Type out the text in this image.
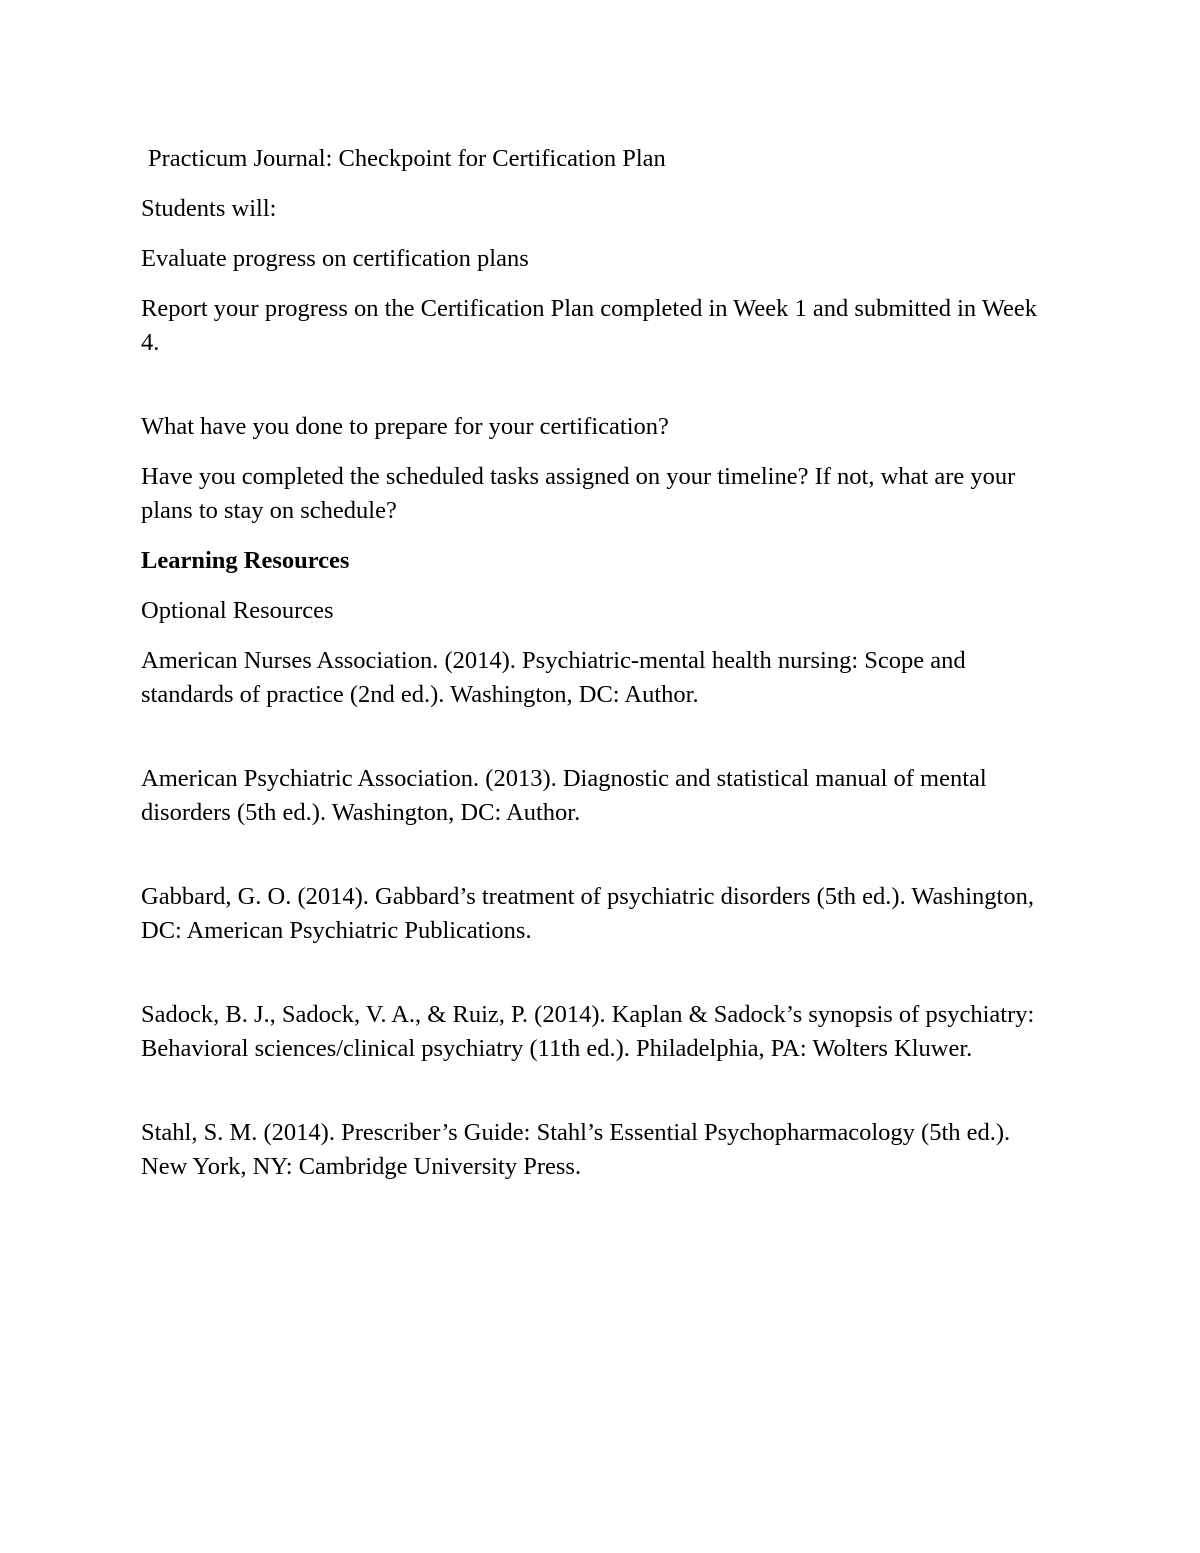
Practicum Journal: Checkpoint for Certification Plan

Students will:

Evaluate progress on certification plans

Report your progress on the Certification Plan completed in Week 1 and submitted in Week 4.

What have you done to prepare for your certification?

Have you completed the scheduled tasks assigned on your timeline? If not, what are your plans to stay on schedule?

Learning Resources

Optional Resources

American Nurses Association. (2014). Psychiatric-mental health nursing: Scope and standards of practice (2nd ed.). Washington, DC: Author.

American Psychiatric Association. (2013). Diagnostic and statistical manual of mental disorders (5th ed.). Washington, DC: Author.

Gabbard, G. O. (2014). Gabbard’s treatment of psychiatric disorders (5th ed.). Washington, DC: American Psychiatric Publications.

Sadock, B. J., Sadock, V. A., & Ruiz, P. (2014). Kaplan & Sadock’s synopsis of psychiatry: Behavioral sciences/clinical psychiatry (11th ed.). Philadelphia, PA: Wolters Kluwer.

Stahl, S. M. (2014). Prescriber’s Guide: Stahl’s Essential Psychopharmacology (5th ed.). New York, NY: Cambridge University Press.
